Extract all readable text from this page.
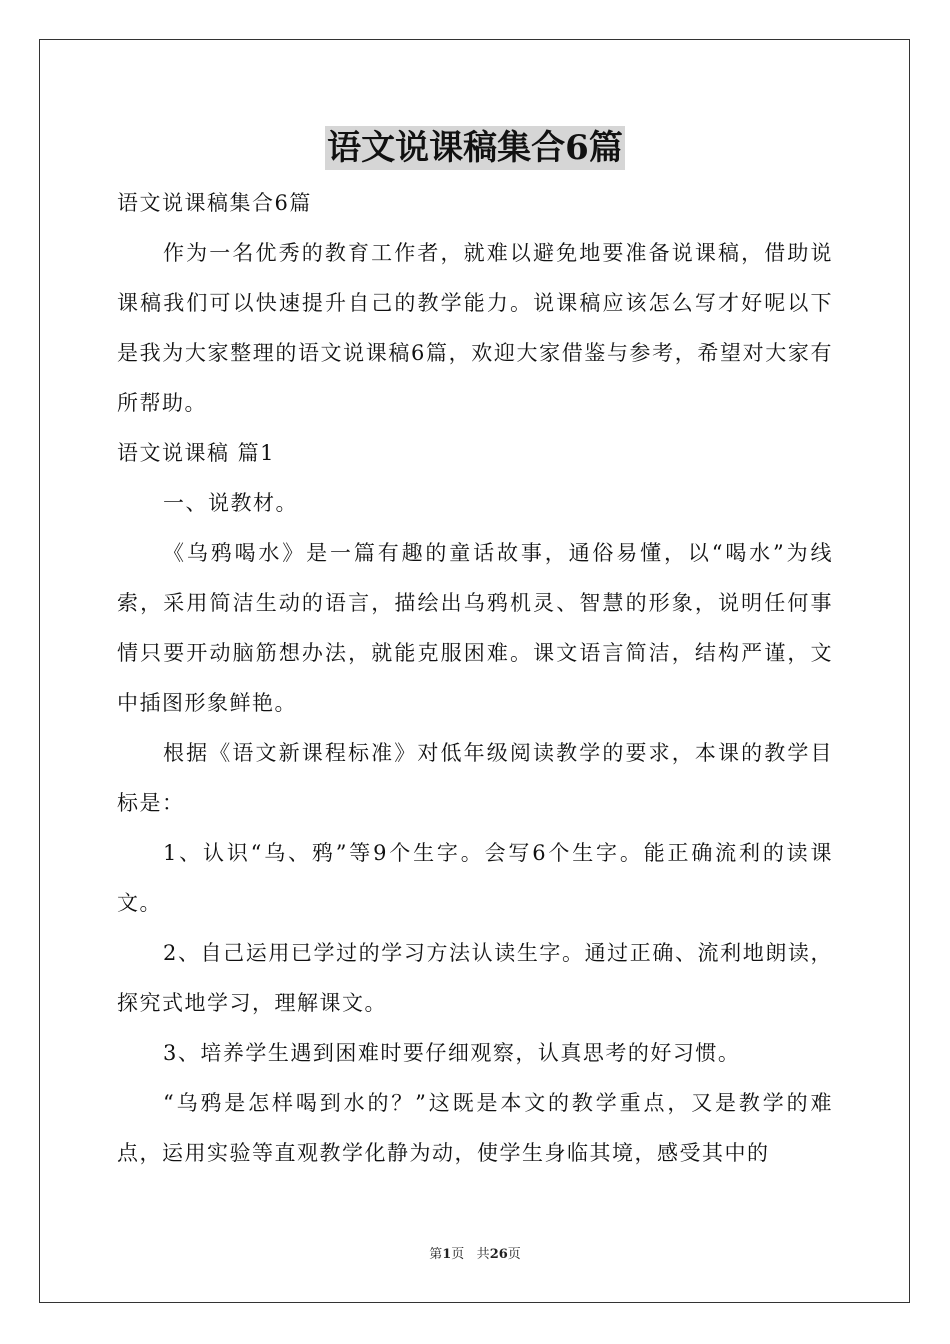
语文说课稿集合6篇

语文说课稿集合6篇

作为一名优秀的教育工作者，就难以避免地要准备说课稿，借助说课稿我们可以快速提升自己的教学能力。说课稿应该怎么写才好呢以下是我为大家整理的语文说课稿6篇，欢迎大家借鉴与参考，希望对大家有所帮助。

语文说课稿 篇1

一、说教材。

《乌鸦喝水》是一篇有趣的童话故事，通俗易懂，以“喝水”为线索，采用简洁生动的语言，描绘出乌鸦机灵、智慧的形象，说明任何事情只要开动脑筋想办法，就能克服困难。课文语言简洁，结构严谨，文中插图形象鲜艳。

根据《语文新课程标准》对低年级阅读教学的要求，本课的教学目标是：

1、认识“乌、鸦”等9个生字。会写6个生字。能正确流利的读课文。

2、自己运用已学过的学习方法认读生字。通过正确、流利地朗读，探究式地学习，理解课文。

3、培养学生遇到困难时要仔细观察，认真思考的好习惯。

“乌鸦是怎样喝到水的？”这既是本文的教学重点，又是教学的难点，运用实验等直观教学化静为动，使学生身临其境，感受其中的

第1页 共26页
